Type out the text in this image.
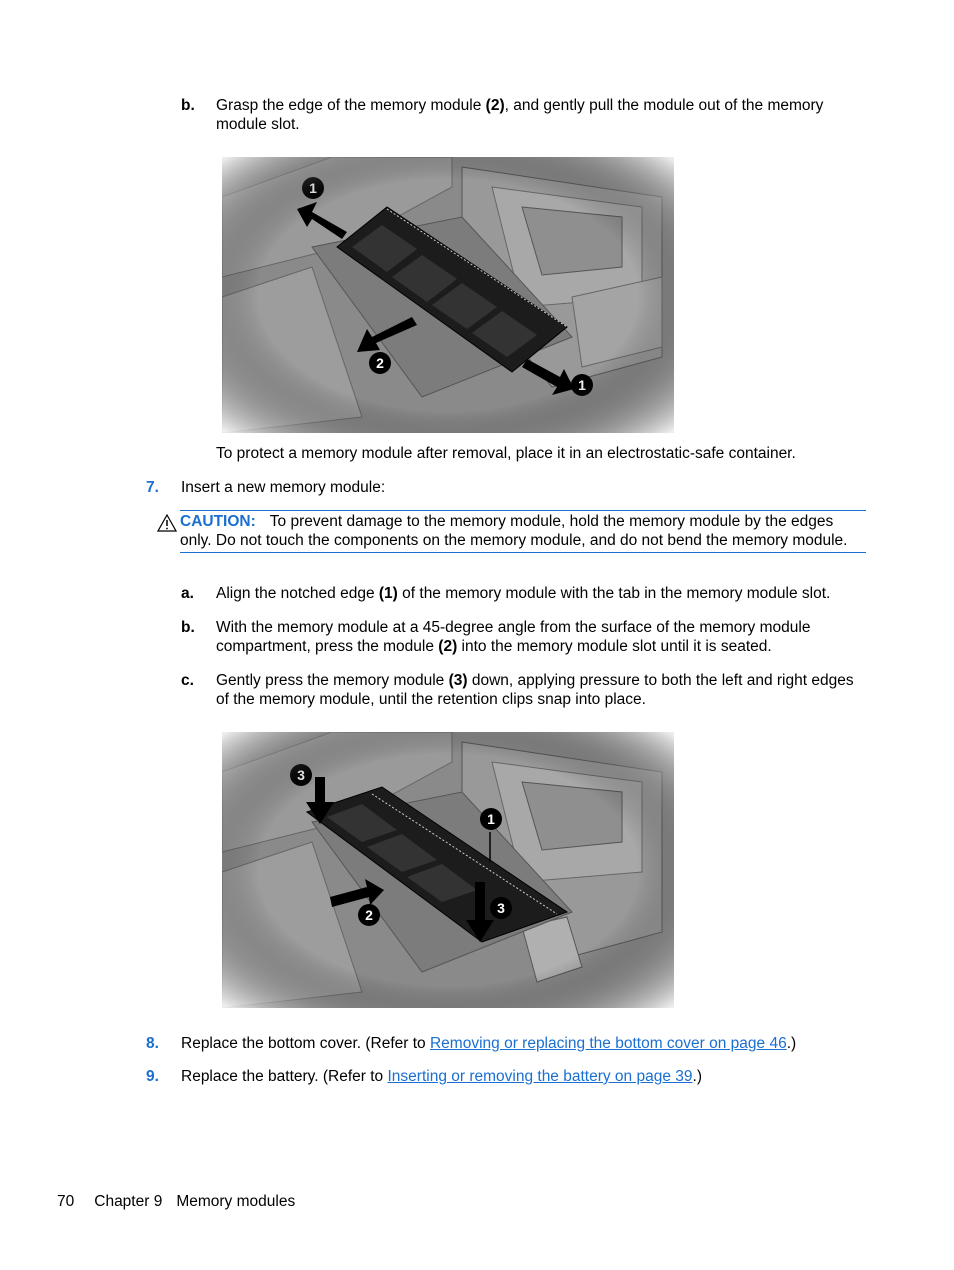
b. Grasp the edge of the memory module (2), and gently pull the module out of the memory module slot.
To protect a memory module after removal, place it in an electrostatic-safe container.
7. Insert a new memory module:
CAUTION: To prevent damage to the memory module, hold the memory module by the edges only. Do not touch the components on the memory module, and do not bend the memory module.
a. Align the notched edge (1) of the memory module with the tab in the memory module slot.
b. With the memory module at a 45-degree angle from the surface of the memory module compartment, press the module (2) into the memory module slot until it is seated.
c. Gently press the memory module (3) down, applying pressure to both the left and right edges of the memory module, until the retention clips snap into place.
8. Replace the bottom cover. (Refer to Removing or replacing the bottom cover on page 46.)
9. Replace the battery. (Refer to Inserting or removing the battery on page 39.)
70 Chapter 9 Memory modules
